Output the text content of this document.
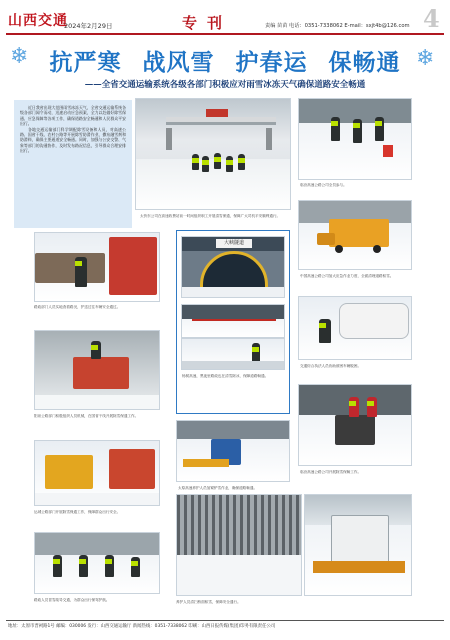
山西交通
2024年2月29日	专刊	责编 苗苗 电话：0351-7338062 E-mail：sxjt4b@126.com 4
❄	❄
抗严寒 战风雪 护春运 保畅通
——全省交通运输系统各级各部门积极应对雨雪冰冻天气确保道路安全畅通

近日我省出现大范围雨雪冰冻天气，全省交通运输系统各级各部门闻令而动，迅速启动应急预案，全力以赴做好除雪保通、应急保障等各项工作，确保道路安全畅通和人民群众平安出行。

各地交通运输部门科学调配除雪设备和人员，对高速公路、国省干线、农村公路等开展除雪防滑作业，撒布融雪剂和防滑料，确保主要通道安全畅通。同时，加强与公安交警、气象等部门的沟通协作，及时发布路况信息，引导群众合理安排出行。

太忻东公司在高速收费站前一时间组织职工开展清雪保通，保障广大司机平安顺利通行。
临汾高速公路公司全员参与。
中国高速公路公司加大应急作业力度，全面清理道路积雪。
路政部门人员实地查看路况，护送过往车辆安全通过。
大峡隧道
杨树高速，黑夜里路政也在清雪除冰，保障道路畅通。
交通综合执法人员协助被困车辆脱困。
阳泉公路部门积极组织人员机械，在国省干线开展除雪保通工作。
太原高速养护人员加紧铲雪作业，确保道路畅通。
临汾高速公路公司开展除雪保畅工作。
运城公路部门开展除雪保通工作，保障群众出行安全。
养护人员清扫桥面积雪，保障安全通行。
路政人员冒雪疏导交通，为群众出行保驾护航。
地址：太原市晋祠路1号 邮编：030006 发行：山西交通运输厅 新闻热线：0351-7338062 印刷：山西日报传媒(集团)印务有限责任公司
